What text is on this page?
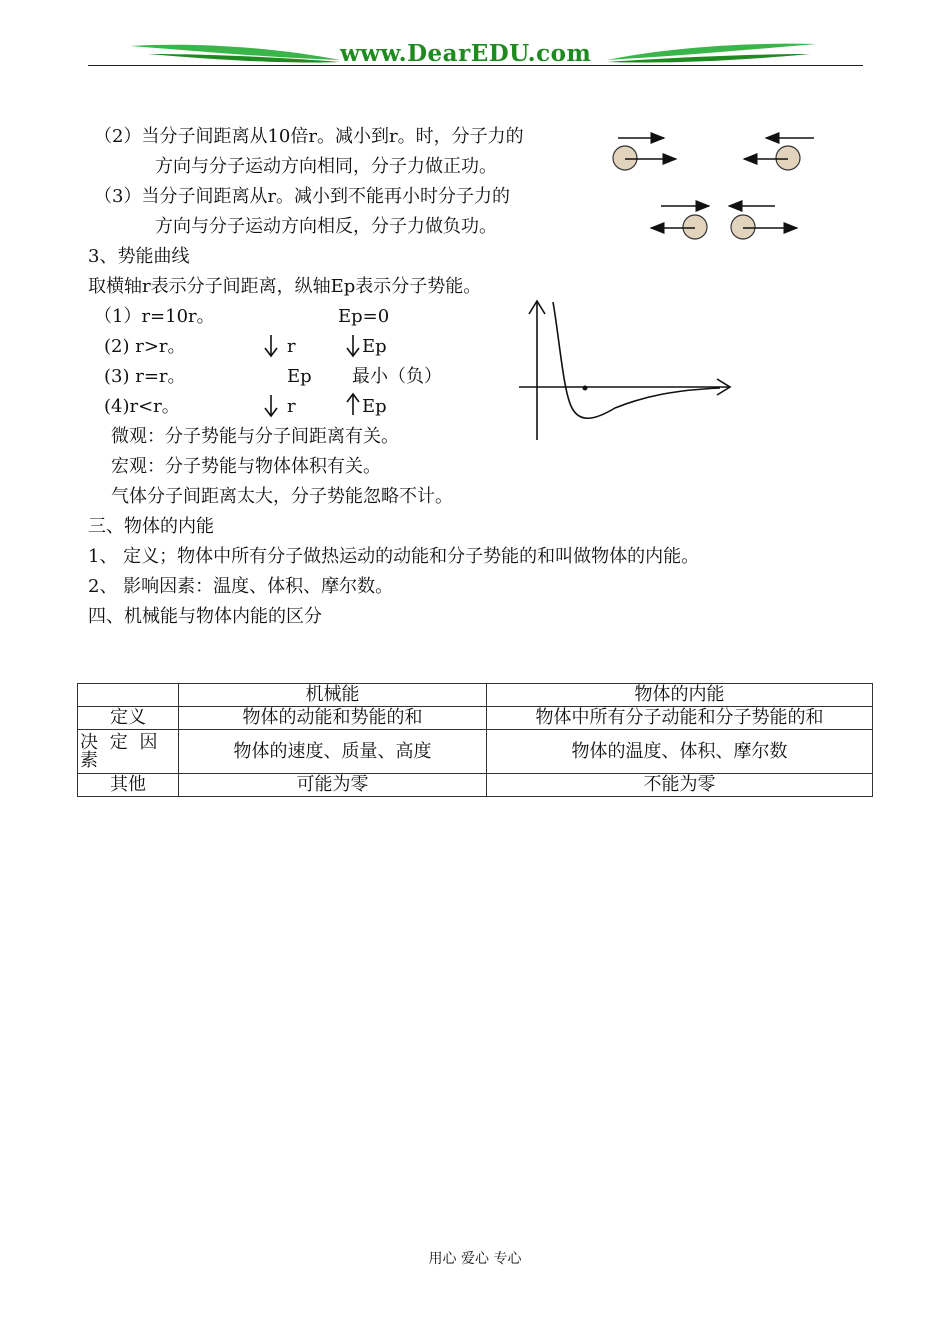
www.DearEDU.com
（2）当分子间距离从10倍r。减小到r。时，分子力的
方向与分子运动方向相同，分子力做正功。
（3）当分子间距离从r。减小到不能再小时分子力的
方向与分子运动方向相反，分子力做负功。
3、势能曲线
取横轴r表示分子间距离，纵轴Ep表示分子势能。
（1）r=10r。	Ep=0
(2) r>r。	r	Ep
(3) r=r。	Ep 最小（负）
(4)r<r。	r	Ep
微观：分子势能与分子间距离有关。
宏观：分子势能与物体体积有关。
气体分子间距离太大，分子势能忽略不计。
三、物体的内能
1、 定义；物体中所有分子做热运动的动能和分子势能的和叫做物体的内能。
2、 影响因素：温度、体积、摩尔数。
四、机械能与物体内能的区分
	机械能	物体的内能
定义	物体的动能和势能的和	物体中所有分子动能和分子势能的和
决 定 因 素	物体的速度、质量、高度	物体的温度、体积、摩尔数
其他	可能为零	不能为零
用心 爱心 专心
